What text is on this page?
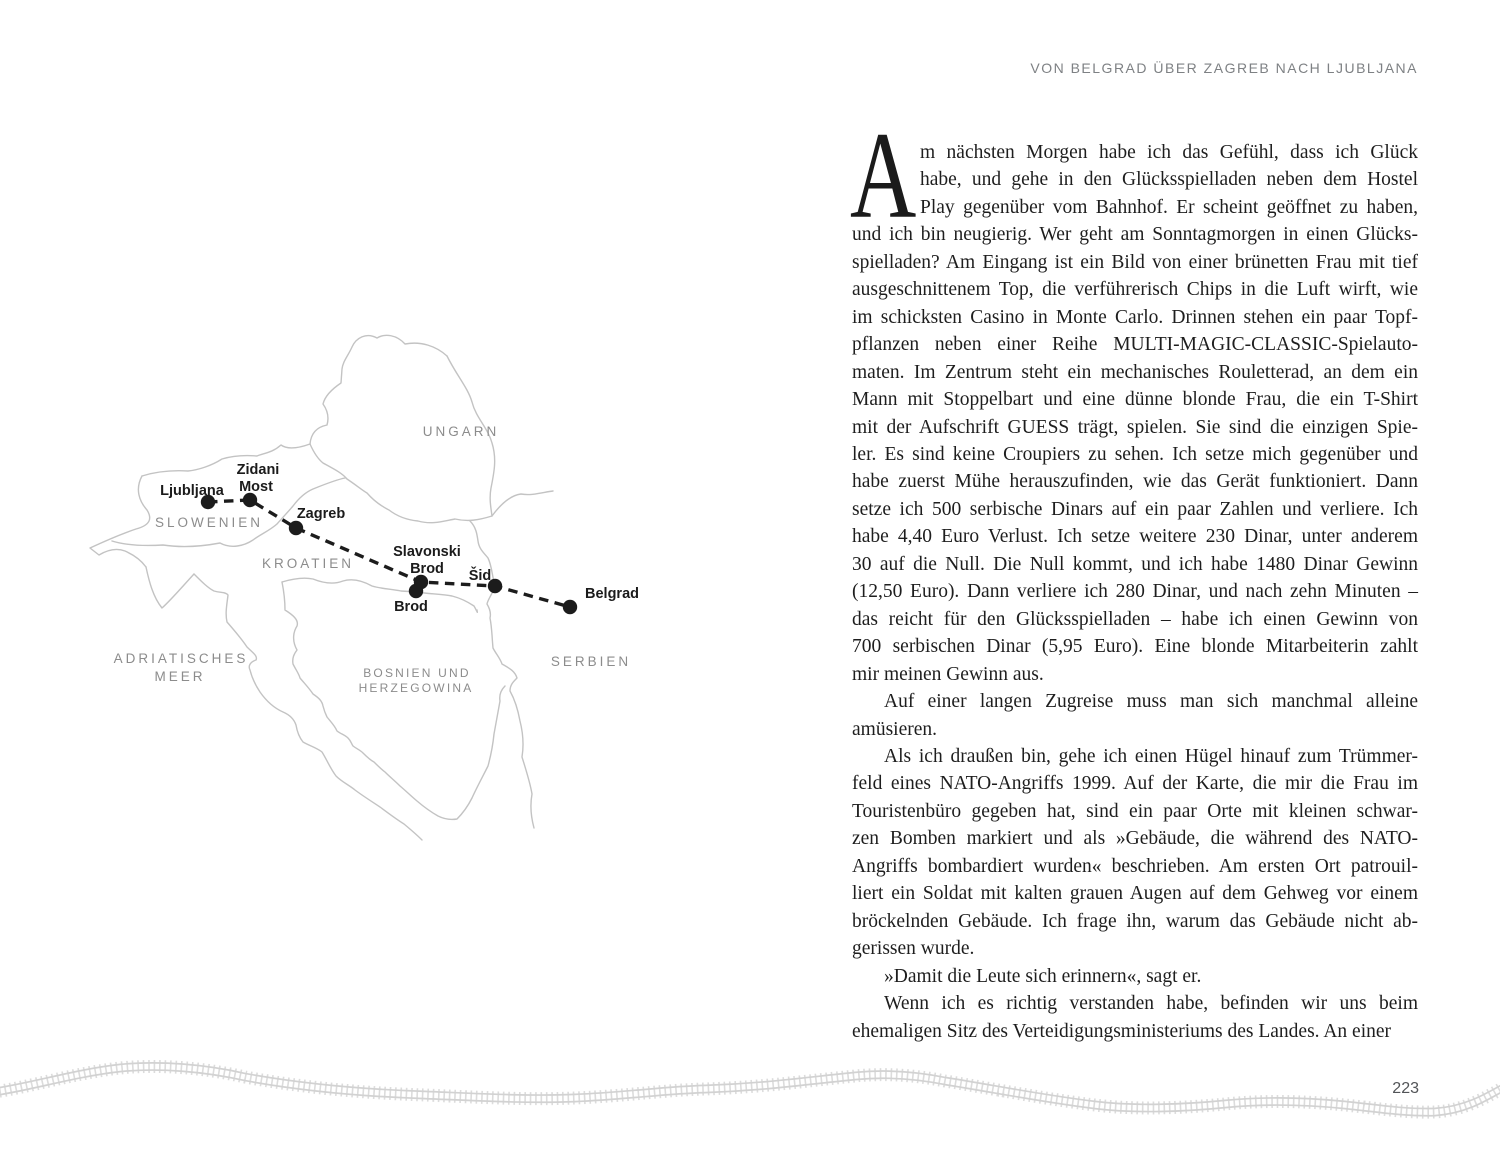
VON BELGRAD ÜBER ZAGREB NACH LJUBLJANA
Ljubljana
Zidani
Most
Zagreb
Slavonski
Brod
Brod
Šid
Belgrad
UNGARN
SLOWENIEN
KROATIEN
SERBIEN
BOSNIEN UND
HERZEGOWINA
ADRIATISCHES
MEER
A m nächsten Morgen habe ich das Gefühl, dass ich Glück
habe, und gehe in den Glücksspielladen neben dem Hostel
Play gegenüber vom Bahnhof. Er scheint geöffnet zu haben,
und ich bin neugierig. Wer geht am Sonntagmorgen in einen Glücks-
spielladen? Am Eingang ist ein Bild von einer brünetten Frau mit tief
ausgeschnittenem Top, die verführerisch Chips in die Luft wirft, wie
im schicksten Casino in Monte Carlo. Drinnen stehen ein paar Topf-
pflanzen neben einer Reihe MULTI-MAGIC-CLASSIC-Spielauto-
maten. Im Zentrum steht ein mechanisches Rouletterad, an dem ein
Mann mit Stoppelbart und eine dünne blonde Frau, die ein T-Shirt
mit der Aufschrift GUESS trägt, spielen. Sie sind die einzigen Spie-
ler. Es sind keine Croupiers zu sehen. Ich setze mich gegenüber und
habe zuerst Mühe herauszufinden, wie das Gerät funktioniert. Dann
setze ich 500 serbische Dinars auf ein paar Zahlen und verliere. Ich
habe 4,40 Euro Verlust. Ich setze weitere 230 Dinar, unter anderem
30 auf die Null. Die Null kommt, und ich habe 1480 Dinar Gewinn
(12,50 Euro). Dann verliere ich 280 Dinar, und nach zehn Minuten –
das reicht für den Glücksspielladen – habe ich einen Gewinn von
700 serbischen Dinar (5,95 Euro). Eine blonde Mitarbeiterin zahlt
mir meinen Gewinn aus.
Auf einer langen Zugreise muss man sich manchmal alleine
amüsieren.
Als ich draußen bin, gehe ich einen Hügel hinauf zum Trümmer-
feld eines NATO-Angriffs 1999. Auf der Karte, die mir die Frau im
Touristenbüro gegeben hat, sind ein paar Orte mit kleinen schwar-
zen Bomben markiert und als »Gebäude, die während des NATO-
Angriffs bombardiert wurden« beschrieben. Am ersten Ort patrouil-
liert ein Soldat mit kalten grauen Augen auf dem Gehweg vor einem
bröckelnden Gebäude. Ich frage ihn, warum das Gebäude nicht ab-
gerissen wurde.
»Damit die Leute sich erinnern«, sagt er.
Wenn ich es richtig verstanden habe, befinden wir uns beim
ehemaligen Sitz des Verteidigungsministeriums des Landes. An einer
223
